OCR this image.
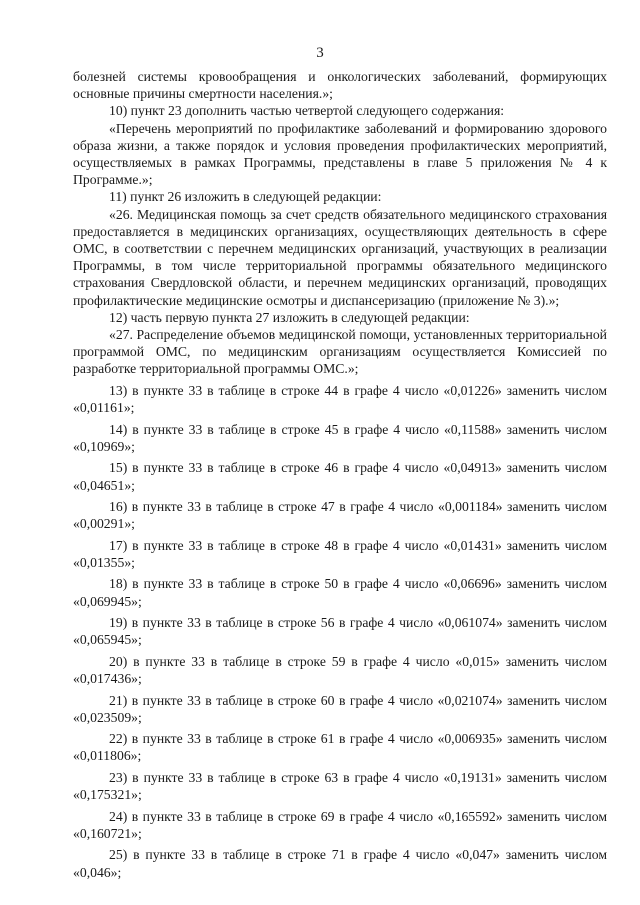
3

болезней системы кровообращения и онкологических заболеваний, формирующих основные причины смертности населения.»;

10) пункт 23 дополнить частью четвертой следующего содержания:

«Перечень мероприятий по профилактике заболеваний и формированию здорового образа жизни, а также порядок и условия проведения профилактических мероприятий, осуществляемых в рамках Программы, представлены в главе 5 приложения № 4 к Программе.»;

11) пункт 26 изложить в следующей редакции:

«26. Медицинская помощь за счет средств обязательного медицинского страхования предоставляется в медицинских организациях, осуществляющих деятельность в сфере ОМС, в соответствии с перечнем медицинских организаций, участвующих в реализации Программы, в том числе территориальной программы обязательного медицинского страхования Свердловской области, и перечнем медицинских организаций, проводящих профилактические медицинские осмотры и диспансеризацию (приложение № 3).»;

12) часть первую пункта 27 изложить в следующей редакции:

«27. Распределение объемов медицинской помощи, установленных территориальной программой ОМС, по медицинским организациям осуществляется Комиссией по разработке территориальной программы ОМС.»;

13) в пункте 33 в таблице в строке 44 в графе 4 число «0,01226» заменить числом «0,01161»;

14) в пункте 33 в таблице в строке 45 в графе 4 число «0,11588» заменить числом «0,10969»;

15) в пункте 33 в таблице в строке 46 в графе 4 число «0,04913» заменить числом «0,04651»;

16) в пункте 33 в таблице в строке 47 в графе 4 число «0,001184» заменить числом «0,00291»;

17) в пункте 33 в таблице в строке 48 в графе 4 число «0,01431» заменить числом «0,01355»;

18) в пункте 33 в таблице в строке 50 в графе 4 число «0,06696» заменить числом «0,069945»;

19) в пункте 33 в таблице в строке 56 в графе 4 число «0,061074» заменить числом «0,065945»;

20) в пункте 33 в таблице в строке 59 в графе 4 число «0,015» заменить числом «0,017436»;

21) в пункте 33 в таблице в строке 60 в графе 4 число «0,021074» заменить числом «0,023509»;

22) в пункте 33 в таблице в строке 61 в графе 4 число «0,006935» заменить числом «0,011806»;

23) в пункте 33 в таблице в строке 63 в графе 4 число «0,19131» заменить числом «0,175321»;

24) в пункте 33 в таблице в строке 69 в графе 4 число «0,165592» заменить числом «0,160721»;

25) в пункте 33 в таблице в строке 71 в графе 4 число «0,047» заменить числом «0,046»;
